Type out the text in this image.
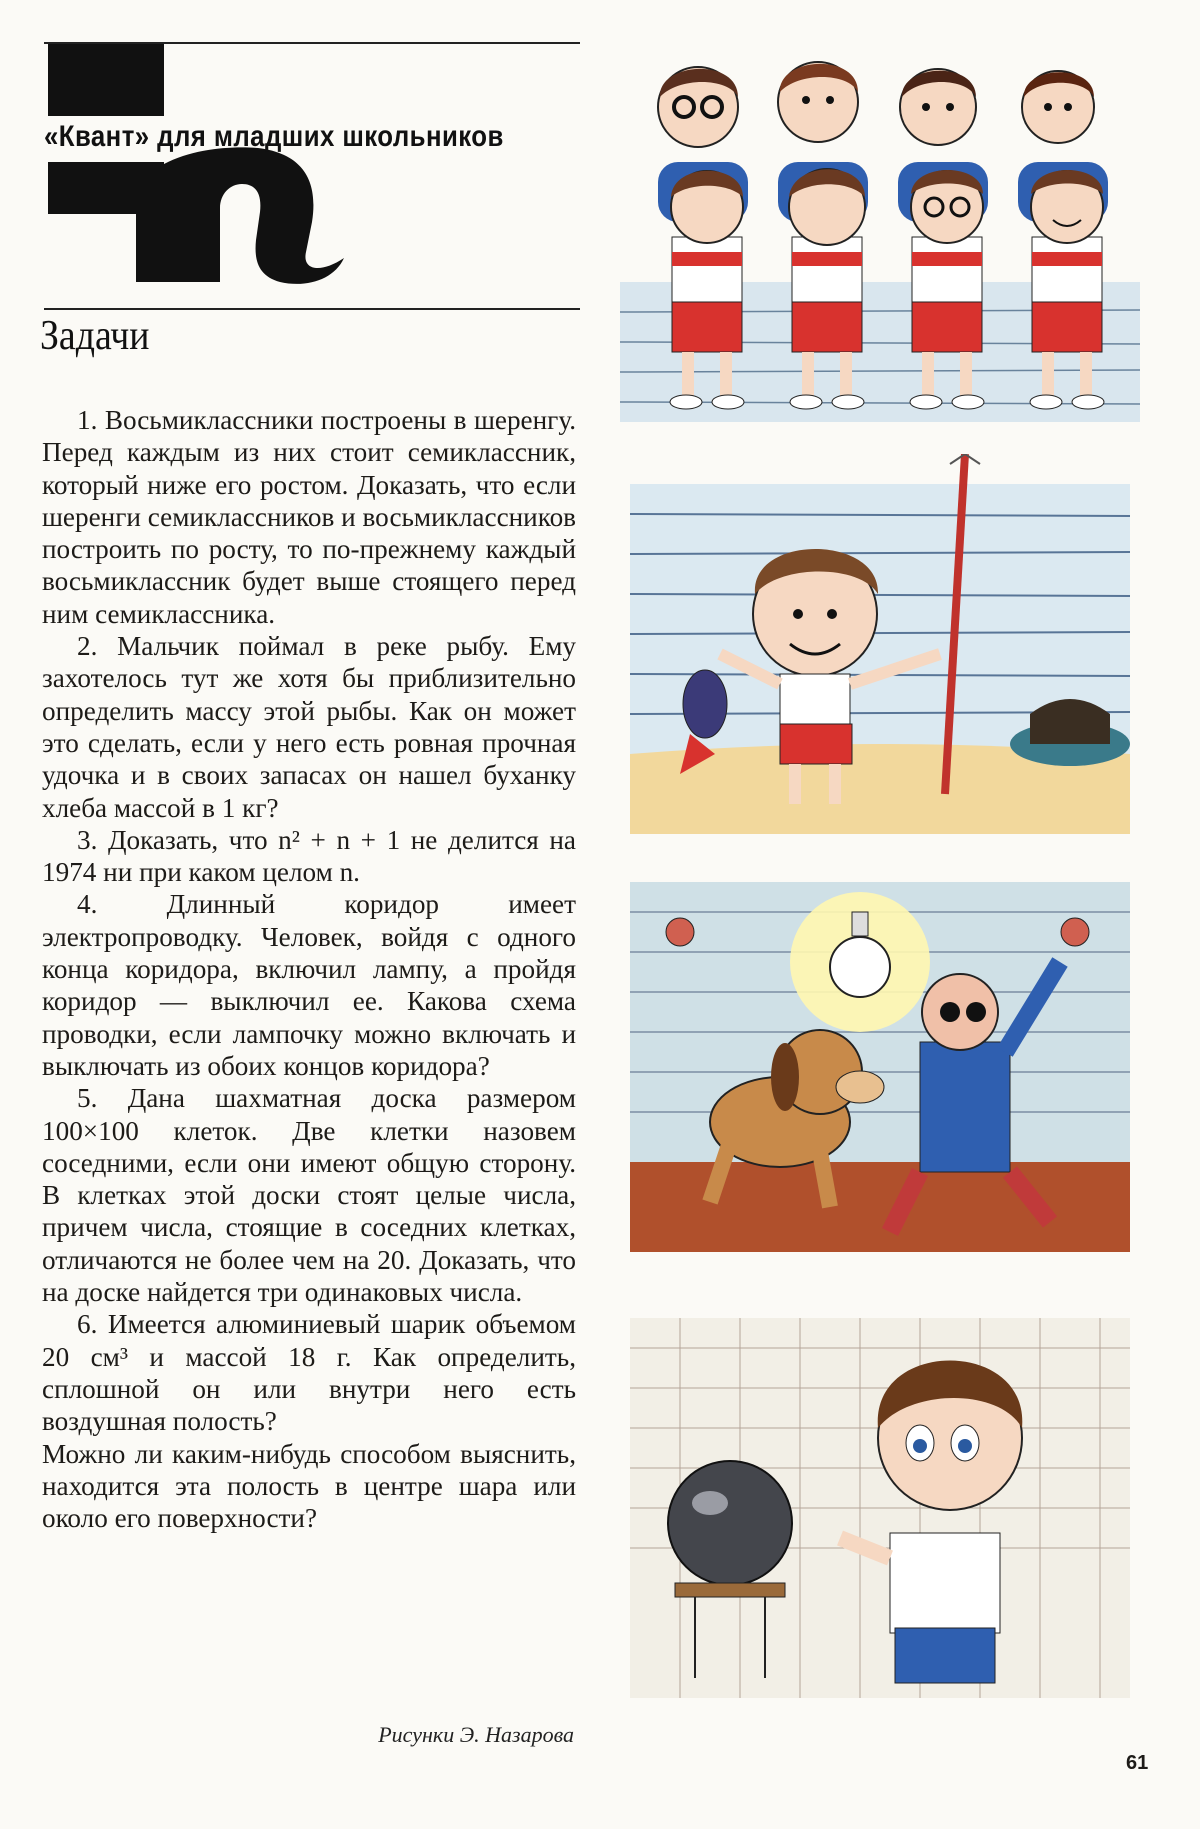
«Квант» для младших школьников
Задачи

1. Восьмиклассники построены в шеренгу. Перед каждым из них стоит семиклассник, который ниже его ростом. Доказать, что если шеренги семиклассников и восьмиклассников построить по росту, то по-прежнему каждый восьмиклассник будет выше стоящего перед ним семиклассника.

2. Мальчик поймал в реке рыбу. Ему захотелось тут же хотя бы приблизительно определить массу этой рыбы. Как он может это сделать, если у него есть ровная прочная удочка и в своих запасах он нашел буханку хлеба массой в 1 кг?

3. Доказать, что n² + n + 1 не делится на 1974 ни при каком целом n.

4. Длинный коридор имеет электропроводку. Человек, войдя с одного конца коридора, включил лампу, а пройдя коридор — выключил ее. Какова схема проводки, если лампочку можно включать и выключать из обоих концов коридора?

5. Дана шахматная доска размером 100×100 клеток. Две клетки назовем соседними, если они имеют общую сторону. В клетках этой доски стоят целые числа, причем числа, стоящие в соседних клетках, отличаются не более чем на 20. Доказать, что на доске найдется три одинаковых числа.

6. Имеется алюминиевый шарик объемом 20 см³ и массой 18 г. Как определить, сплошной он или внутри него есть воздушная полость?

Можно ли каким-нибудь способом выяснить, находится эта полость в центре шара или около его поверхности?

Рисунки Э. Назарова
61
